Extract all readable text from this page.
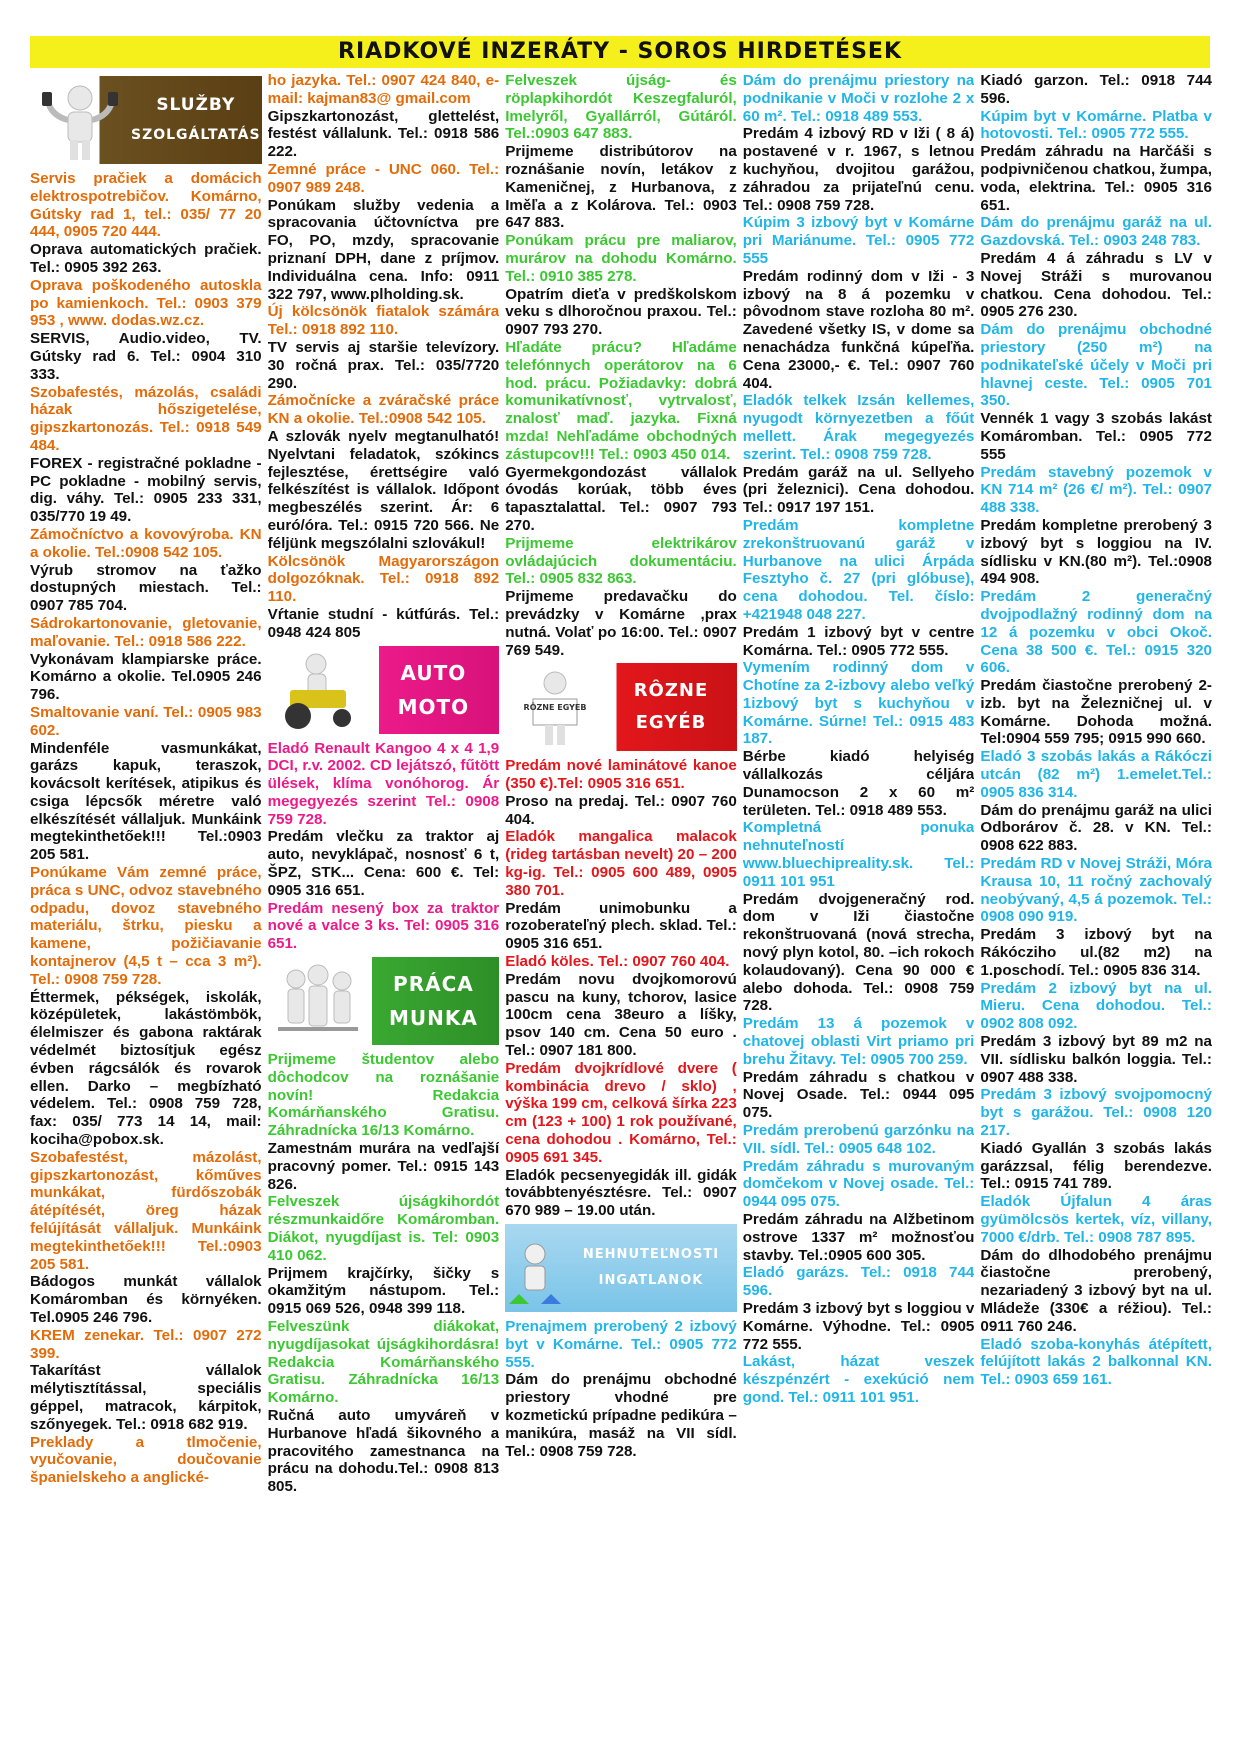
RIADKOVÉ INZERÁTY - SOROS HIRDETÉSEK
SLUŽBY
SZOLGÁLTATÁS

Servis pračiek a domácich elektrospotrebičov. Komárno, Gútsky rad 1, tel.: 035/ 77 20 444, 0905 720 444.

Oprava automatických pračiek. Tel.: 0905 392 263.

Oprava poškodeného autoskla po kamienkoch. Tel.: 0903 379 953 , www. dodas.wz.cz.

SERVIS, Audio.video, TV. Gútsky rad 6. Tel.: 0904 310 333.

Szobafestés, mázolás, családi házak hőszigetelése, gipszkartonozás. Tel.: 0918 549 484.

FOREX - registračné pokladne - PC pokladne - mobilný servis, dig. váhy. Tel.: 0905 233 331, 035/770 19 49.

Zámočníctvo a kovovýroba. KN a okolie. Tel.:0908 542 105.

Výrub stromov na ťažko dostupných miestach. Tel.: 0907 785 704.

Sádrokartonovanie, gletovanie, maľovanie. Tel.: 0918 586 222.

Vykonávam klampiarske práce. Komárno a okolie. Tel.0905 246 796.

Smaltovanie vaní. Tel.: 0905 983 602.

Mindenféle vasmunkákat, garázs kapuk, teraszok, kovácsolt kerítések, atipikus és csiga lépcsők méretre való elkészítését vállaljuk. Munkáink megtekinthetőek!!! Tel.:0903 205 581.

Ponúkame Vám zemné práce, práca s UNC, odvoz stavebného odpadu, dovoz stavebného materiálu, štrku, piesku a kamene, požičiavanie kontajnerov (4,5 t – cca 3 m²). Tel.: 0908 759 728.

Éttermek, pékségek, iskolák, középületek, lakástömbök, élelmiszer és gabona raktárak védelmét biztosítjuk egész évben rágcsálók és rovarok ellen. Darko – megbízható védelem. Tel.: 0908 759 728, fax: 035/ 773 14 14, mail: kociha@pobox.sk.

Szobafestést, mázolást, gipszkartonozást, kőműves munkákat, fürdőszobák átépítését, öreg házak felújítását vállaljuk. Munkáink megtekinthetőek!!! Tel.:0903 205 581.

Bádogos munkát vállalok Komáromban és környéken. Tel.0905 246 796.

KREM zenekar. Tel.: 0907 272 399.

Takarítást vállalok mélytisztítással, speciális géppel, matracok, kárpitok, szőnyegek. Tel.: 0918 682 919.

Preklady a tlmočenie, vyučovanie, doučovanie španielskeho a anglické-

ho jazyka. Tel.: 0907 424 840, e-mail: kajman83@ gmail.com

Gipszkartonozást, glettelést, festést vállalunk. Tel.: 0918 586 222.

Zemné práce - UNC 060. Tel.: 0907 989 248.

Ponúkam služby vedenia a spracovania účtovníctva pre FO, PO, mzdy, spracovanie priznaní DPH, dane z príjmov. Individuálna cena. Info: 0911 322 797, www.plholding.sk.

Új kölcsönök fiatalok számára Tel.: 0918 892 110.

TV servis aj staršie televízory. 30 ročná prax. Tel.: 035/7720 290.

Zámočnícke a zváračské práce KN a okolie. Tel.:0908 542 105.

A szlovák nyelv megtanulható! Nyelvtani feladatok, szókincs fejlesztése, érettségire való felkészítést is vállalok. Időpont megbeszélés szerint. Ár: 6 euró/óra. Tel.: 0915 720 566. Ne féljünk megszólalni szlovákul!

Kölcsönök Magyarországon dolgozóknak. Tel.: 0918 892 110.

Vŕtanie studní - kútfúrás. Tel.: 0948 424 805

AUTO
MOTO

Eladó Renault Kangoo 4 x 4 1,9 DCI, r.v. 2002. CD lejátszó, fűtött ülések, klíma vonóhorog. Ár megegyezés szerint Tel.: 0908 759 728.

Predám vlečku za traktor aj auto, nevyklápač, nosnosť 6 t, ŠPZ, STK... Cena: 600 €. Tel: 0905 316 651.

Predám nesený box za traktor nové a valce 3 ks. Tel: 0905 316 651.

PRÁCA
MUNKA

Prijmeme študentov alebo dôchodcov na roznášanie novín! Redakcia Komárňanského Gratisu. Záhradnícka 16/13 Komárno.

Zamestnám murára na vedľajší pracovný pomer. Tel.: 0915 143 826.

Felveszek újságkihordót részmunkaidőre Komáromban. Diákot, nyugdíjast is. Tel: 0903 410 062.

Prijmem krajčírky, šičky s okamžitým nástupom. Tel.: 0915 069 526, 0948 399 118.

Felveszünk diákokat, nyugdíjasokat újságkihordásra! Redakcia Komárňanského Gratisu. Záhradnícka 16/13 Komárno.

Ručná auto umyváreň v Hurbanove hľadá šikovného a pracovitého zamestnanca na prácu na dohodu.Tel.: 0908 813 805.

Felveszek újság- és röplapkihordót Keszegfaluról, Imelyről, Gyallárról, Gútáról. Tel.:0903 647 883.

Prijmeme distribútorov na roznášanie novín, letákov z Kameničnej, z Hurbanova, z Iměľa a z Kolárova. Tel.: 0903 647 883.

Ponúkam prácu pre maliarov, murárov na dohodu Komárno. Tel.: 0910 385 278.

Opatrím dieťa v predškolskom veku s dlhoročnou praxou. Tel.: 0907 793 270.

Hľadáte prácu? Hľadáme telefónnych operátorov na 6 hod. prácu. Požiadavky: dobrá komunikatívnosť, vytrvalosť, znalosť maď. jazyka. Fixná mzda! Nehľadáme obchodných zástupcov!!! Tel.: 0903 450 014.

Gyermekgondozást vállalok óvodás korúak, több éves tapasztalattal. Tel.: 0907 793 270.

Prijmeme elektrikárov ovládajúcich dokumentáciu. Tel.: 0905 832 863.

Prijmeme predavačku do prevádzky v Komárne ,prax nutná. Volať po 16:00. Tel.: 0907 769 549.

RÔZNE EGYEB
RÔZNE
EGYÉB

Predám nové laminátové kanoe (350 €).Tel: 0905 316 651.

Proso na predaj. Tel.: 0907 760 404.

Eladók mangalica malacok (rideg tartásban nevelt) 20 – 200 kg-ig. Tel.: 0905 600 489, 0905 380 701.

Predám unimobunku a rozoberateľný plech. sklad. Tel.: 0905 316 651.

Eladó köles. Tel.: 0907 760 404.

Predám novu dvojkomorovú pascu na kuny, tchorov, lasice 100cm cena 38euro a líšky, psov 140 cm. Cena 50 euro . Tel.: 0907 181 800.

Predám dvojkrídlové dvere ( kombinácia drevo / sklo) , výška 199 cm, celková šírka 223 cm (123 + 100) 1 rok používané, cena dohodou . Komárno, Tel.: 0905 691 345.

Eladók pecsenyegidák ill. gidák továbbtenyésztésre. Tel.: 0907 670 989 – 19.00 után.

NEHNUTEĽNOSTI
INGATLANOK

Prenajmem prerobený 2 izbový byt v Komárne. Tel.: 0905 772 555.

Dám do prenájmu obchodné priestory vhodné pre kozmetickú prípadne pedikúra – manikúra, masáž na VII sídl. Tel.: 0908 759 728.

Dám do prenájmu priestory na podnikanie v Moči v rozlohe 2 x 60 m². Tel.: 0918 489 553.

Predám 4 izbový RD v Iži ( 8 á) postavené v r. 1967, s letnou kuchyňou, dvojitou garážou, záhradou za prijateľnú cenu. Tel.: 0908 759 728.

Kúpim 3 izbový byt v Komárne pri Mariánume. Tel.: 0905 772 555

Predám rodinný dom v Iži - 3 izbový na 8 á pozemku v pôvodnom stave rozloha 80 m². Zavedené všetky IS, v dome sa nenachádza funkčná kúpeľňa. Cena 23000,- €. Tel.: 0907 760 404.

Eladók telkek Izsán kellemes, nyugodt környezetben a főút mellett. Árak megegyezés szerint. Tel.: 0908 759 728.

Predám garáž na ul. Sellyeho (pri železnici). Cena dohodou. Tel.: 0917 197 151.

Predám kompletne zrekonštruovanú garáž v Hurbanove na ulici Árpáda Fesztyho č. 27 (pri glóbuse), cena dohodou. Tel. číslo: +421948 048 227.

Predám 1 izbový byt v centre Komárna. Tel.: 0905 772 555.

Vymením rodinný dom v Chotíne za 2-izbovy alebo veľký 1izbový byt s kuchyňou v Komárne. Súrne! Tel.: 0915 483 187.

Bérbe kiadó helyiség vállalkozás céljára Dunamocson 2 x 60 m² területen. Tel.: 0918 489 553.

Kompletná ponuka nehnuteľností www.bluechipreality.sk. Tel.: 0911 101 951

Predám dvojgeneračný rod. dom v Iži čiastočne rekonštruovaná (nová strecha, nový plyn kotol, 80. –ich rokoch kolaudovaný). Cena 90 000 € alebo dohoda. Tel.: 0908 759 728.

Predám 13 á pozemok v chatovej oblasti Virt priamo pri brehu Žitavy. Tel: 0905 700 259.

Predám záhradu s chatkou v Novej Osade. Tel.: 0944 095 075.

Predám prerobenú garzónku na VII. sídl. Tel.: 0905 648 102.

Predám záhradu s murovaným domčekom v Novej osade. Tel.: 0944 095 075.

Predám záhradu na Alžbetinom ostrove 1337 m² možnosťou stavby. Tel.:0905 600 305.

Eladó garázs. Tel.: 0918 744 596.

Predám 3 izbový byt s loggiou v Komárne. Výhodne. Tel.: 0905 772 555.

Lakást, házat veszek készpénzért - exekúció nem gond. Tel.: 0911 101 951.

Kiadó garzon. Tel.: 0918 744 596.

Kúpim byt v Komárne. Platba v hotovosti. Tel.: 0905 772 555.

Predám záhradu na Harčáši s podpivničenou chatkou, žumpa, voda, elektrina. Tel.: 0905 316 651.

Dám do prenájmu garáž na ul. Gazdovská. Tel.: 0903 248 783.

Predám 4 á záhradu s LV v Novej Stráži s murovanou chatkou. Cena dohodou. Tel.: 0905 276 230.

Dám do prenájmu obchodné priestory (250 m²) na podnikateľské účely v Moči pri hlavnej ceste. Tel.: 0905 701 350.

Vennék 1 vagy 3 szobás lakást Komáromban. Tel.: 0905 772 555

Predám stavebný pozemok v KN 714 m² (26 €/ m²). Tel.: 0907 488 338.

Predám kompletne prerobený 3 izbový byt s loggiou na IV. sídlisku v KN.(80 m²). Tel.:0908 494 908.

Predám 2 generačný dvojpodlažný rodinný dom na 12 á pozemku v obci Okoč. Cena 38 500 €. Tel.: 0915 320 606.

Predám čiastočne prerobený 2-izb. byt na Železničnej ul. v Komárne. Dohoda možná. Tel:0904 559 795; 0915 990 660.

Eladó 3 szobás lakás a Rákóczi utcán (82 m²) 1.emelet.Tel.: 0905 836 314.

Dám do prenájmu garáž na ulici Odborárov č. 28. v KN. Tel.: 0908 622 883.

Predám RD v Novej Stráži, Móra Krausa 10, 11 ročný zachovalý neobývaný, 4,5 á pozemok. Tel.: 0908 090 919.

Predám 3 izbový byt na Rákócziho ul.(82 m2) na 1.poschodí. Tel.: 0905 836 314.

Predám 2 izbový byt na ul. Mieru. Cena dohodou. Tel.: 0902 808 092.

Predám 3 izbový byt 89 m2 na VII. sídlisku balkón loggia. Tel.: 0907 488 338.

Predám 3 izbový svojpomocný byt s garážou. Tel.: 0908 120 217.

Kiadó Gyallán 3 szobás lakás garázzsal, félig berendezve. Tel.: 0915 741 789.

Eladók Újfalun 4 áras gyümölcsös kertek, víz, villany, 7000 €/drb. Tel.: 0908 787 895.

Dám do dlhodobého prenájmu čiastočne prerobený, nezariadený 3 izbový byt na ul. Mládeže (330€ a réžiou). Tel.: 0911 760 246.

Eladó szoba-konyhás átépített, felújított lakás 2 balkonnal KN. Tel.: 0903 659 161.
